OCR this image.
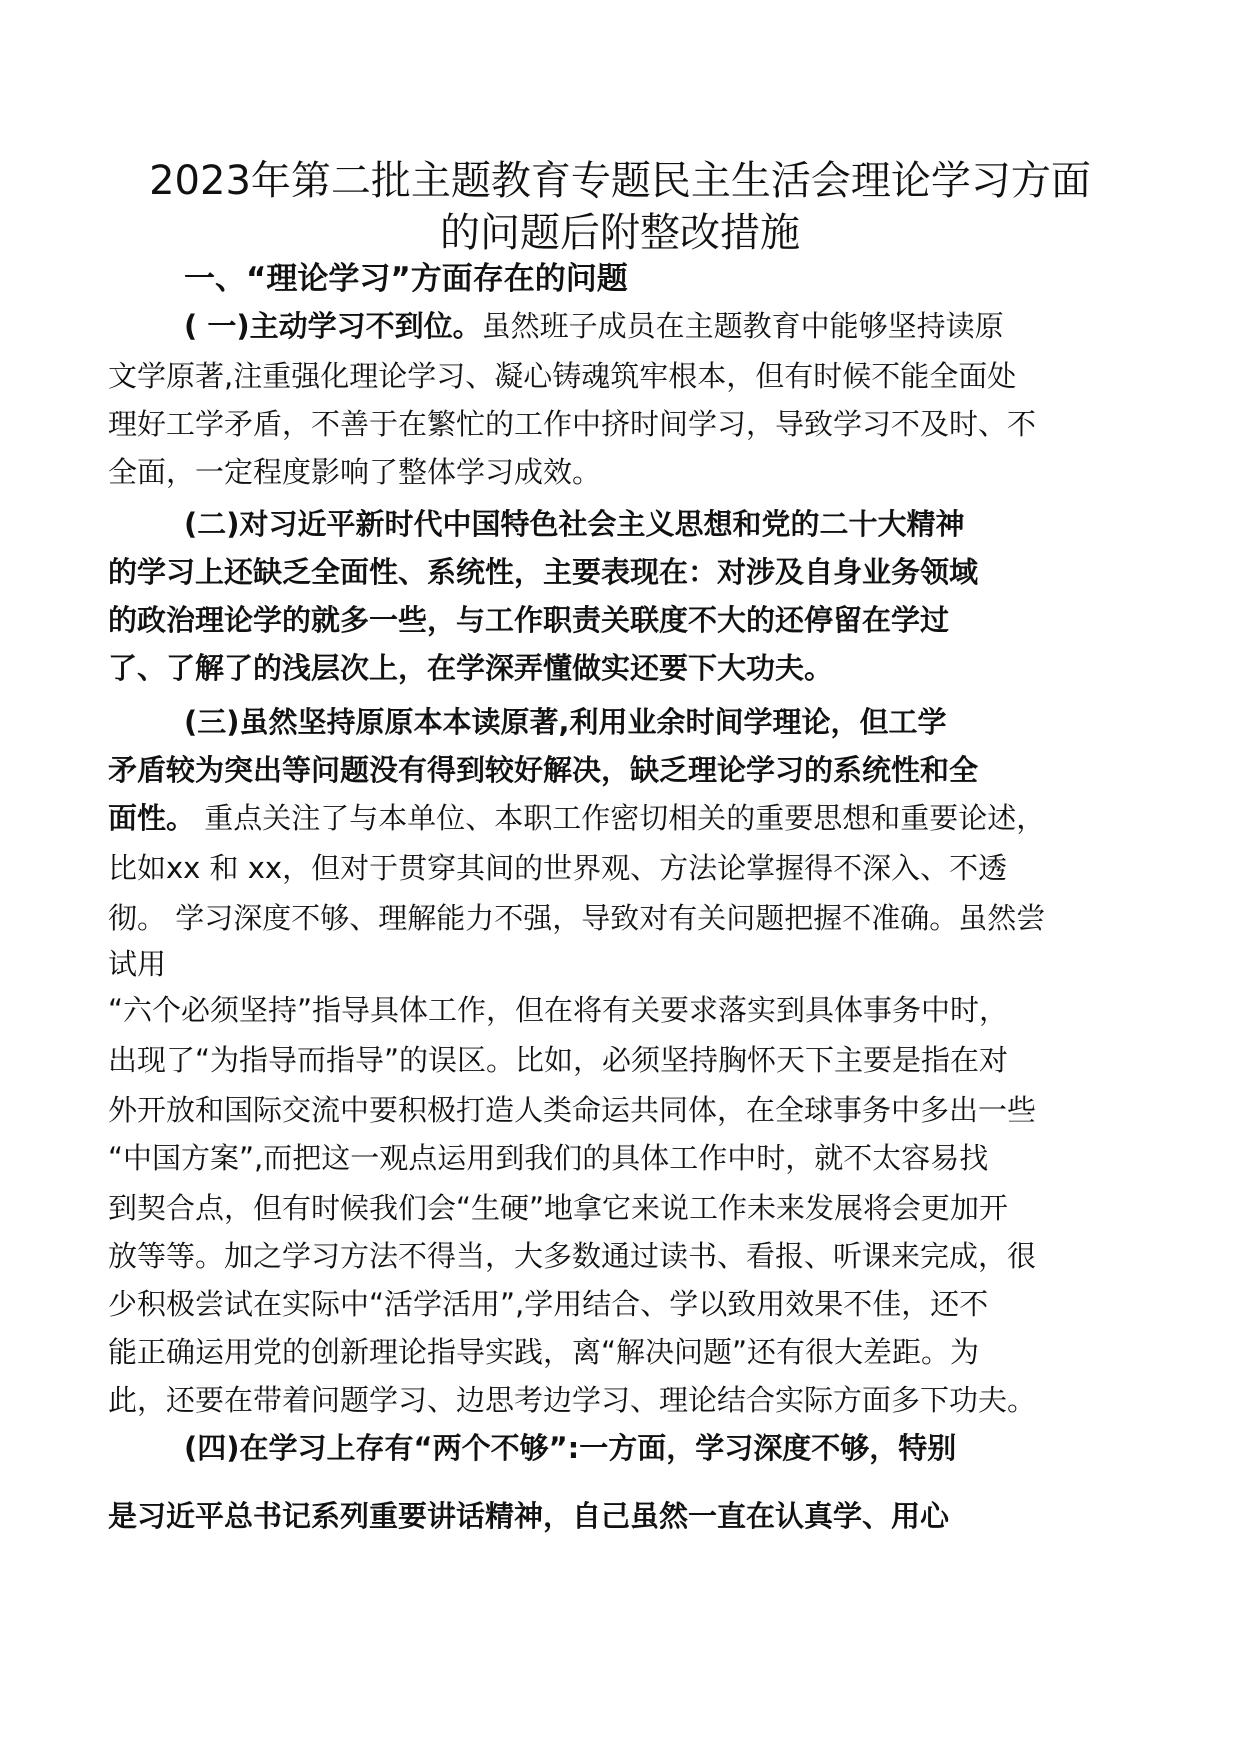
2023年第二批主题教育专题民主生活会理论学习方面
的问题后附整改措施
一、“理论学习”方面存在的问题

( 一)主动学习不到位。虽然班子成员在主题教育中能够坚持读原

文学原著,注重强化理论学习、凝心铸魂筑牢根本，但有时候不能全面处

理好工学矛盾，不善于在繁忙的工作中挤时间学习，导致学习不及时、不

全面，一定程度影响了整体学习成效。

(二)对习近平新时代中国特色社会主义思想和党的二十大精神

的学习上还缺乏全面性、系统性，主要表现在：对涉及自身业务领域

的政治理论学的就多一些，与工作职责关联度不大的还停留在学过

了、了解了的浅层次上，在学深弄懂做实还要下大功夫。

(三)虽然坚持原原本本读原著,利用业余时间学理论，但工学

矛盾较为突出等问题没有得到较好解决，缺乏理论学习的系统性和全

面性。 重点关注了与本单位、本职工作密切相关的重要思想和重要论述，

比如xx 和 xx，但对于贯穿其间的世界观、方法论掌握得不深入、不透

彻。 学习深度不够、理解能力不强，导致对有关问题把握不准确。虽然尝

试用

“六个必须坚持”指导具体工作，但在将有关要求落实到具体事务中时，

出现了“为指导而指导”的误区。比如，必须坚持胸怀天下主要是指在对

外开放和国际交流中要积极打造人类命运共同体，在全球事务中多出一些

“中国方案”,而把这一观点运用到我们的具体工作中时，就不太容易找

到契合点，但有时候我们会“生硬”地拿它来说工作未来发展将会更加开

放等等。加之学习方法不得当，大多数通过读书、看报、听课来完成，很

少积极尝试在实际中“活学活用”,学用结合、学以致用效果不佳，还不

能正确运用党的创新理论指导实践，离“解决问题”还有很大差距。为

此，还要在带着问题学习、边思考边学习、理论结合实际方面多下功夫。

(四)在学习上存有“两个不够”:一方面，学习深度不够，特别

是习近平总书记系列重要讲话精神，自己虽然一直在认真学、用心
